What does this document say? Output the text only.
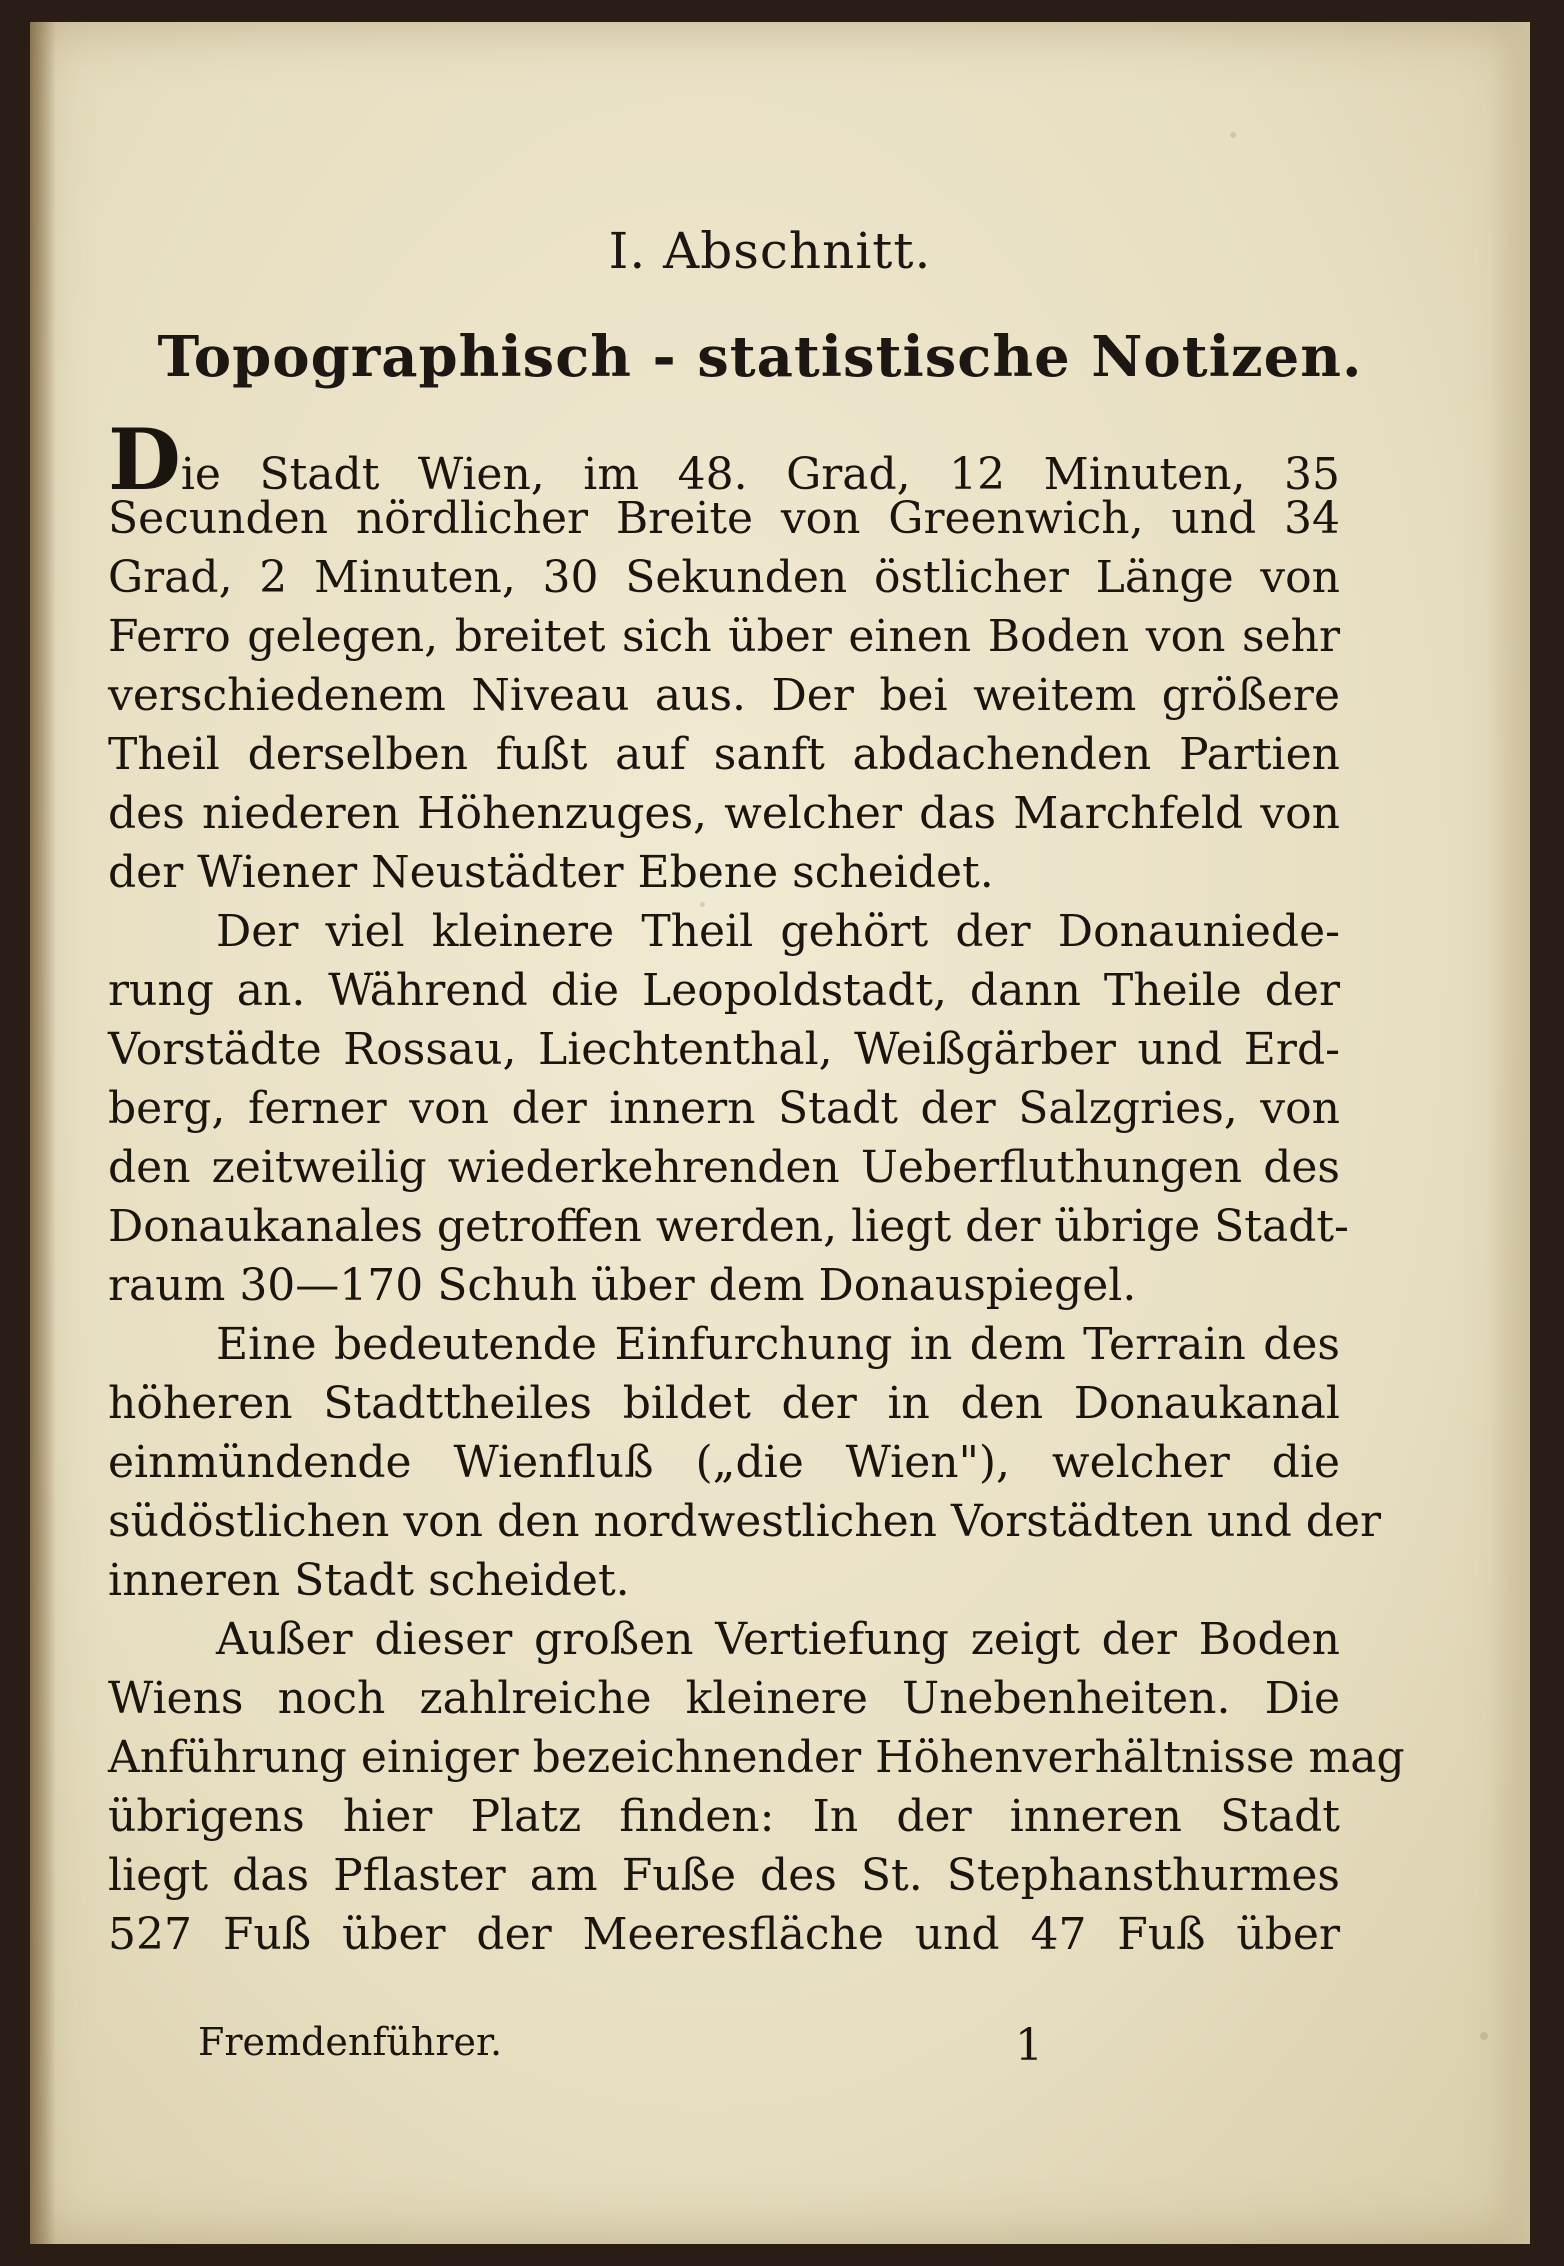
I. Abschnitt.
Topographisch - statistische Notizen.
Die Stadt Wien, im 48. Grad, 12 Minuten, 35
Secunden nördlicher Breite von Greenwich, und 34
Grad, 2 Minuten, 30 Sekunden östlicher Länge von
Ferro gelegen, breitet sich über einen Boden von sehr
verschiedenem Niveau aus. Der bei weitem größere
Theil derselben fußt auf sanft abdachenden Partien
des niederen Höhenzuges, welcher das Marchfeld von
der Wiener Neustädter Ebene scheidet.
Der viel kleinere Theil gehört der Donauniede-
rung an. Während die Leopoldstadt, dann Theile der
Vorstädte Rossau, Liechtenthal, Weißgärber und Erd-
berg, ferner von der innern Stadt der Salzgries, von
den zeitweilig wiederkehrenden Ueberfluthungen des
Donaukanales getroffen werden, liegt der übrige Stadt-
raum 30—170 Schuh über dem Donauspiegel.
Eine bedeutende Einfurchung in dem Terrain des
höheren Stadttheiles bildet der in den Donaukanal
einmündende Wienfluß („die Wien"), welcher die
südöstlichen von den nordwestlichen Vorstädten und der
inneren Stadt scheidet.
Außer dieser großen Vertiefung zeigt der Boden
Wiens noch zahlreiche kleinere Unebenheiten. Die
Anführung einiger bezeichnender Höhenverhältnisse mag
übrigens hier Platz finden: In der inneren Stadt
liegt das Pflaster am Fuße des St. Stephansthurmes
527 Fuß über der Meeresfläche und 47 Fuß über
Fremdenführer.	1
